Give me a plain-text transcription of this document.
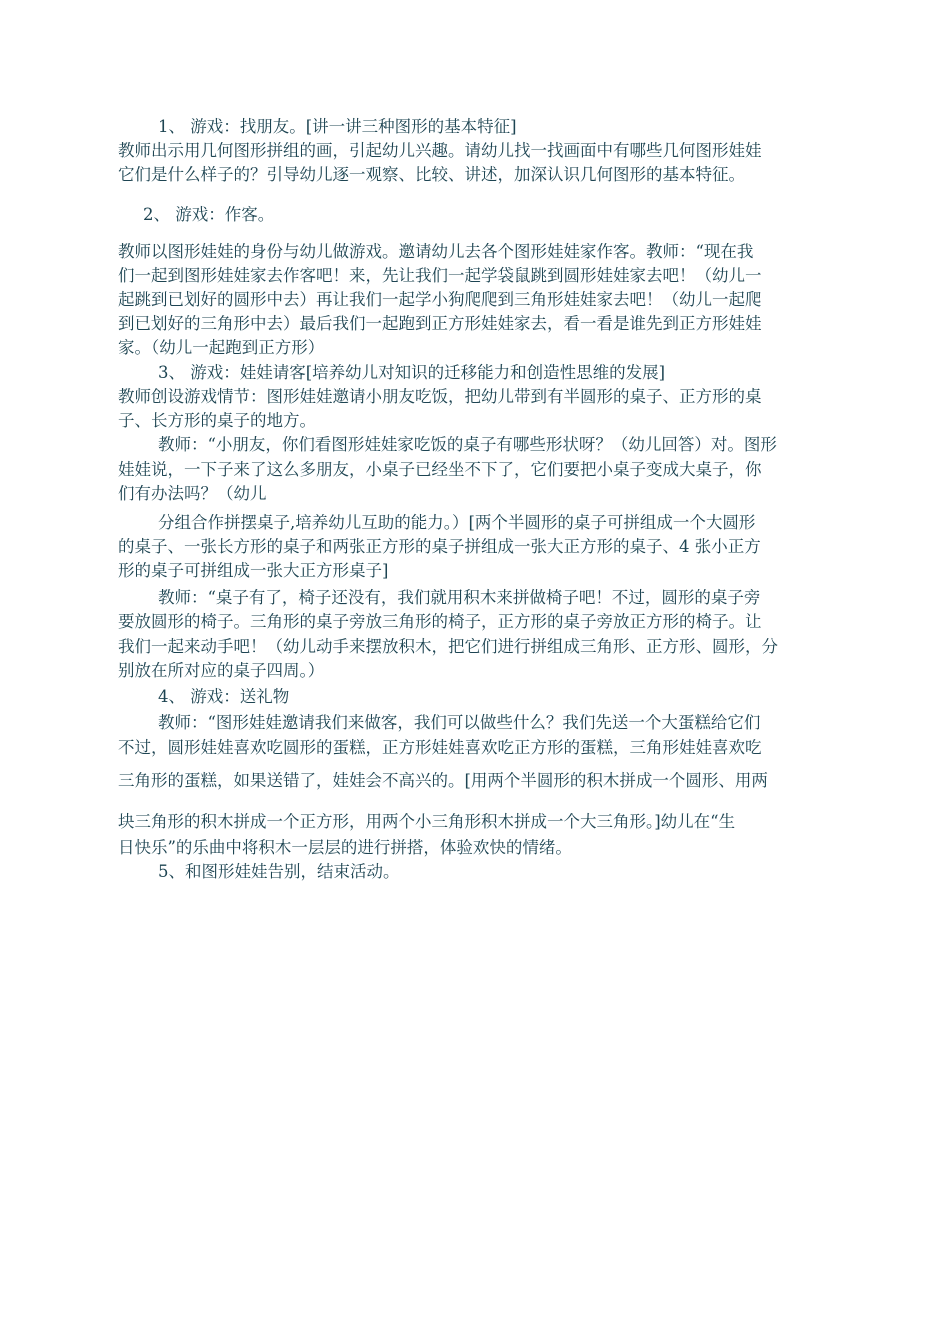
1、 游戏：找朋友。[讲一讲三种图形的基本特征]
教师出示用几何图形拼组的画，引起幼儿兴趣。请幼儿找一找画面中有哪些几何图形娃娃
它们是什么样子的？引导幼儿逐一观察、比较、讲述，加深认识几何图形的基本特征。
2、 游戏：作客。
教师以图形娃娃的身份与幼儿做游戏。邀请幼儿去各个图形娃娃家作客。教师：“现在我
们一起到图形娃娃家去作客吧！来，先让我们一起学袋鼠跳到圆形娃娃家去吧！（幼儿一
起跳到已划好的圆形中去）再让我们一起学小狗爬爬到三角形娃娃家去吧！（幼儿一起爬
到已划好的三角形中去）最后我们一起跑到正方形娃娃家去，看一看是谁先到正方形娃娃
家。（幼儿一起跑到正方形）
3、 游戏：娃娃请客[培养幼儿对知识的迁移能力和创造性思维的发展]
教师创设游戏情节：图形娃娃邀请小朋友吃饭，把幼儿带到有半圆形的桌子、正方形的桌
子、长方形的桌子的地方。
教师：“小朋友，你们看图形娃娃家吃饭的桌子有哪些形状呀？（幼儿回答）对。图形
娃娃说，一下子来了这么多朋友，小桌子已经坐不下了，它们要把小桌子变成大桌子，你
们有办法吗？（幼儿
分组合作拼摆桌子,培养幼儿互助的能力。）[两个半圆形的桌子可拼组成一个大圆形
的桌子、一张长方形的桌子和两张正方形的桌子拼组成一张大正方形的桌子、4 张小正方
形的桌子可拼组成一张大正方形桌子]
教师：“桌子有了，椅子还没有，我们就用积木来拼做椅子吧！不过，圆形的桌子旁
要放圆形的椅子。三角形的桌子旁放三角形的椅子，正方形的桌子旁放正方形的椅子。让
我们一起来动手吧！（幼儿动手来摆放积木，把它们进行拼组成三角形、正方形、圆形，分
别放在所对应的桌子四周。）
4、 游戏：送礼物
教师：“图形娃娃邀请我们来做客，我们可以做些什么？我们先送一个大蛋糕给它们
不过，圆形娃娃喜欢吃圆形的蛋糕，正方形娃娃喜欢吃正方形的蛋糕，三角形娃娃喜欢吃
三角形的蛋糕，如果送错了，娃娃会不高兴的。[用两个半圆形的积木拼成一个圆形、用两
块三角形的积木拼成一个正方形，用两个小三角形积木拼成一个大三角形。]幼儿在“生
日快乐”的乐曲中将积木一层层的进行拼搭，体验欢快的情绪。
5、和图形娃娃告别，结束活动。
